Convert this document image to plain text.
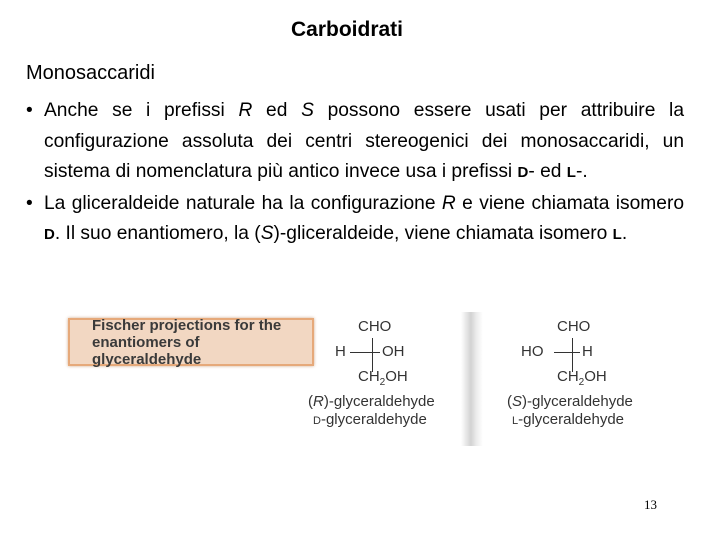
Carboidrati
Monosaccaridi
• Anche se i prefissi R ed S possono essere usati per attribuire la configurazione assoluta dei centri stereogenici dei monosaccaridi, un sistema di nomenclatura più antico invece usa i prefissi D- ed L-.
• La gliceraldeide naturale ha la configurazione R e viene chiamata isomero D. Il suo enantiomero, la (S)-gliceraldeide, viene chiamata isomero L.
Fischer projections for the
enantiomers of glyceraldehyde
CHO
H OH
$CH_2OH$
(R)-glyceraldehyde
D-glyceraldehyde
CHO
HO	H
$CH_2OH$
(S)-glyceraldehyde
L-glyceraldehyde
13
